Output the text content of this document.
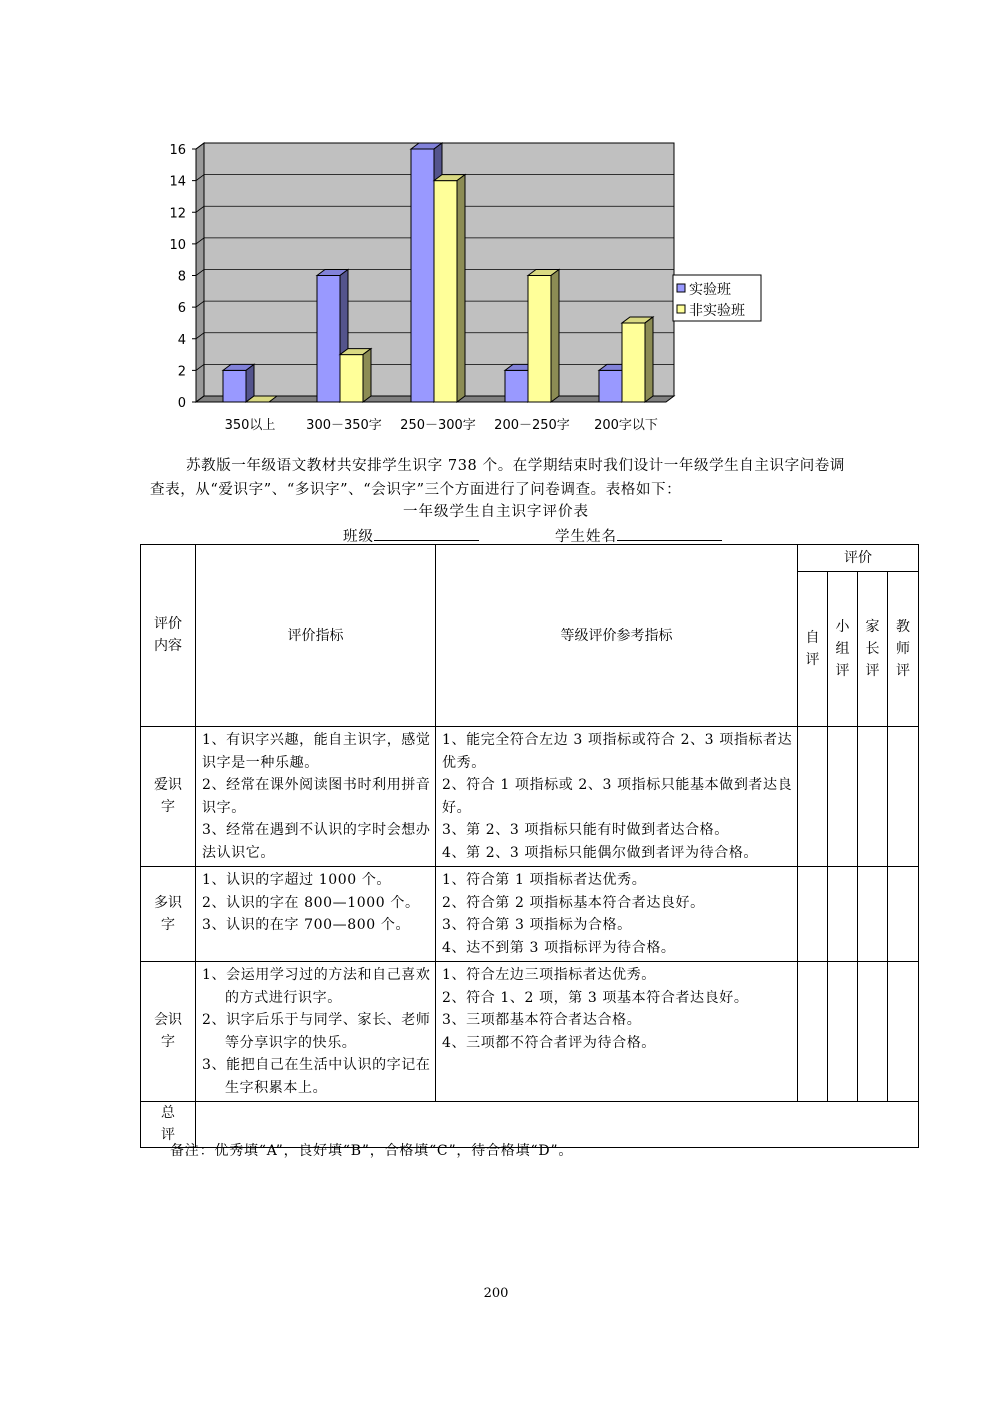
0
2
4
6
8
10
12
14
16
350以上 300－350字 250－300字 200－250字 200字以下
实验班
非实验班

苏教版一年级语文教材共安排学生识字 738 个。在学期结束时我们设计一年级学生自主识字问卷调查表，从“爱识字”、“多识字”、“会识字”三个方面进行了问卷调查。表格如下：

一年级学生自主识字评价表
班级	学生姓名
评价内容	评价指标	等级评价参考指标	评价			
			自评	小组评	家长评	教师评
爱识字	1、有识字兴趣，能自主识字，感觉识字是一种乐趣。
2、经常在课外阅读图书时利用拼音识字。
3、经常在遇到不认识的字时会想办法认识它。	1、能完全符合左边 3 项指标或符合 2、3 项指标者达优秀。
2、符合 1 项指标或 2、3 项指标只能基本做到者达良好。
3、第 2、3 项指标只能有时做到者达合格。
4、第 2、3 项指标只能偶尔做到者评为待合格。				

多识字	1、认识的字超过 1000 个。
2、认识的字在 800—1000 个。
3、认识的在字 700—800 个。	1、符合第 1 项指标者达优秀。
2、符合第 2 项指标基本符合者达良好。
3、符合第 3 项指标为合格。
4、达不到第 3 项指标评为待合格。				

会识字	1、会运用学习过的方法和自己喜欢的方式进行识字。
2、识字后乐于与同学、家长、老师等分享识字的快乐。
3、能把自己在生活中认识的字记在生字积累本上。	1、符合左边三项指标者达优秀。
2、符合 1、2 项，第 3 项基本符合者达良好。
3、三项都基本符合者达合格。
4、三项都不符合者评为待合格。				

总评						
备注：优秀填“A”，良好填“B”，合格填“C”，待合格填“D”。
200
